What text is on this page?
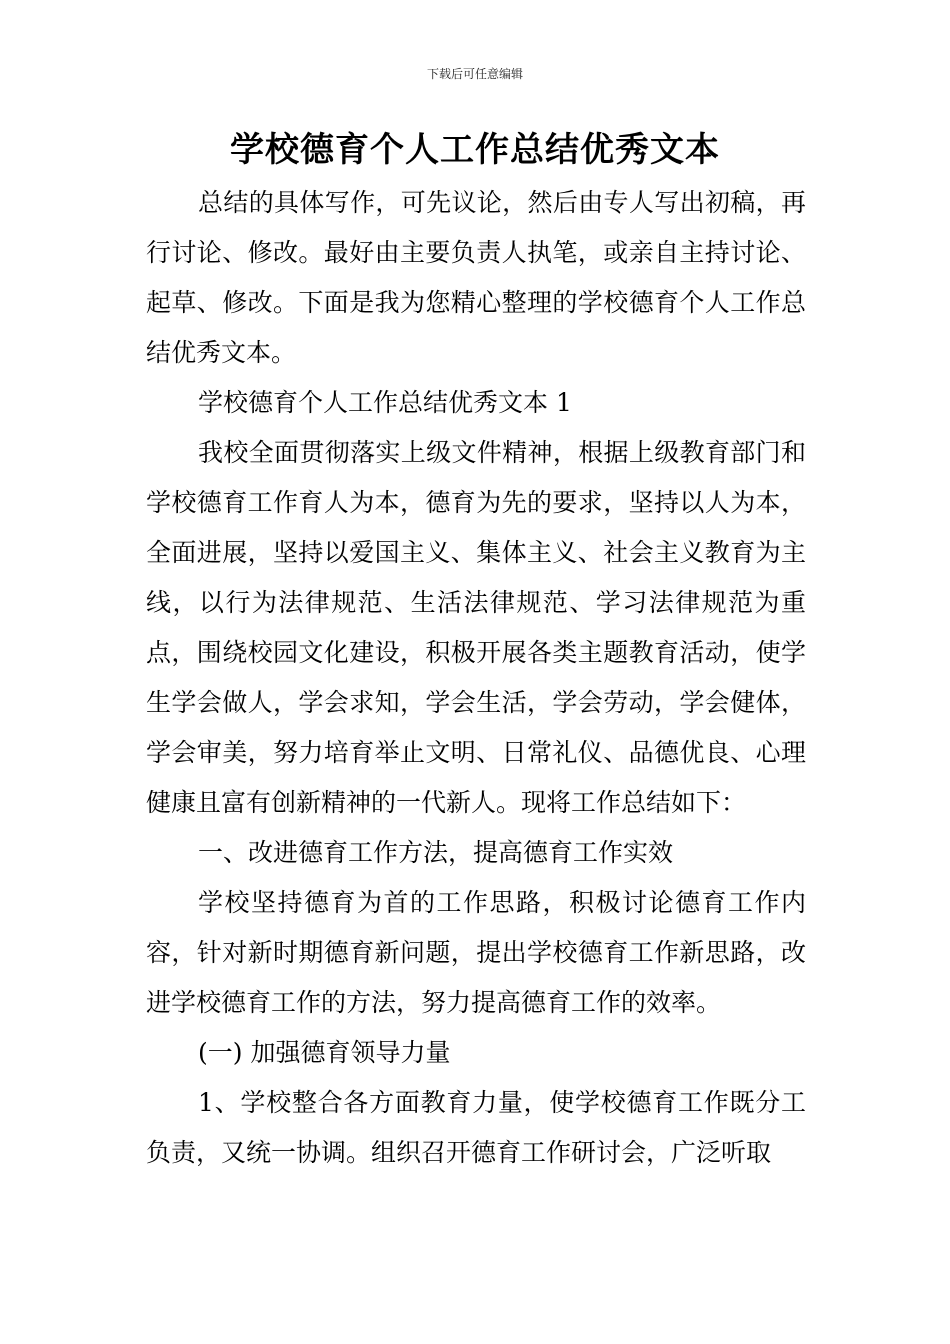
下载后可任意编辑
学校德育个人工作总结优秀文本

总结的具体写作，可先议论，然后由专人写出初稿，再行讨论、修改。最好由主要负责人执笔，或亲自主持讨论、起草、修改。下面是我为您精心整理的学校德育个人工作总结优秀文本。

学校德育个人工作总结优秀文本 1

我校全面贯彻落实上级文件精神，根据上级教育部门和学校德育工作育人为本，德育为先的要求，坚持以人为本，全面进展，坚持以爱国主义、集体主义、社会主义教育为主线，以行为法律规范、生活法律规范、学习法律规范为重点，围绕校园文化建设，积极开展各类主题教育活动，使学生学会做人，学会求知，学会生活，学会劳动，学会健体，学会审美，努力培育举止文明、日常礼仪、品德优良、心理健康且富有创新精神的一代新人。现将工作总结如下：

一、改进德育工作方法，提高德育工作实效

学校坚持德育为首的工作思路，积极讨论德育工作内容，针对新时期德育新问题，提出学校德育工作新思路，改进学校德育工作的方法，努力提高德育工作的效率。

(一) 加强德育领导力量

1、学校整合各方面教育力量，使学校德育工作既分工负责，又统一协调。组织召开德育工作研讨会，广泛听取
